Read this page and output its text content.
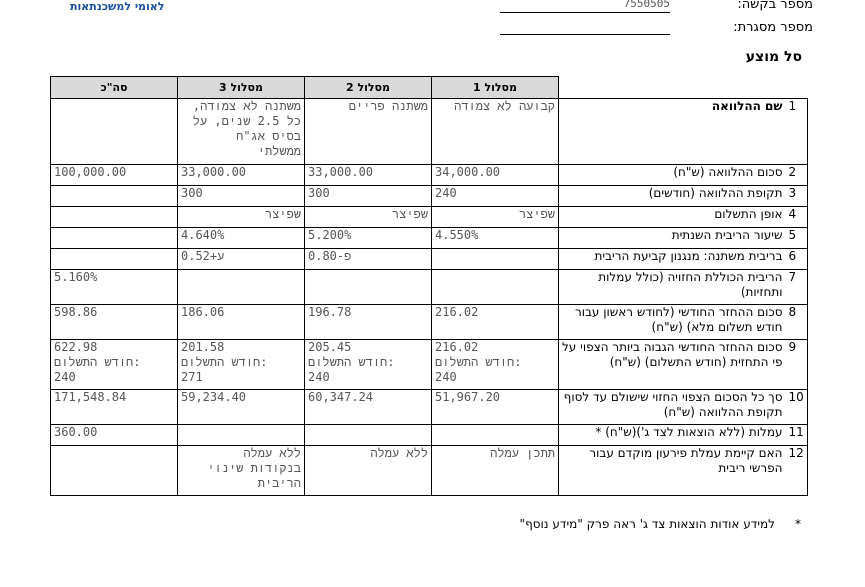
לאומי למשכנתאות	מספר בקשה:
7550505
מספר מסגרת:
סל מוצע
סה"כ	מסלול 3	מסלול 2	מסלול 1		
	משתנה לא צמודה,
כל 2.5 שנים, על
בסיס אג"ח
ממשלתי	משתנה פריים	קבועה לא צמודה	שם ההלוואה	1
100,000.00	33,000.00	33,000.00	34,000.00	סכום ההלוואה (ש"ח)	2
	300	300	240	תקופת ההלוואה (חודשים)	3
	שפיצר	שפיצר	שפיצר	אופן התשלום	4
	4.640%	5.200%	4.550%	שיעור הריבית השנתית	5
	ע+0.52	פ-0.80		בריבית משתנה: מנגנון קביעת הריבית	6
5.160%				הריבית הכוללת החזויה (כולל עמלות ותחזיות)	7
598.86	186.06	196.78	216.02	סכום ההחזר החודשי (לחודש ראשון עבור חודש תשלום מלא) (ש"ח)	8
622.98
חודש התשלום:
240	201.58
חודש התשלום:
271	205.45
חודש התשלום:
240	216.02
חודש התשלום:
240	סכום ההחזר החודשי הגבוה ביותר הצפוי על פי התחזית (חודש התשלום) (ש"ח)	9
171,548.84	59,234.40	60,347.24	51,967.20	סך כל הסכום הצפוי החזוי שישולם עד לסוף תקופת ההלוואה (ש"ח)	10
360.00				עמלות (ללא הוצאות לצד ג')(ש"ח) *	11
	ללא עמלה
בנקודות שינוי
הריבית	ללא עמלה	תתכן עמלה	האם קיימת עמלת פירעון מוקדם עבור הפרשי ריבית	12
*
למידע אודות הוצאות צד ג' ראה פרק "מידע נוסף"
